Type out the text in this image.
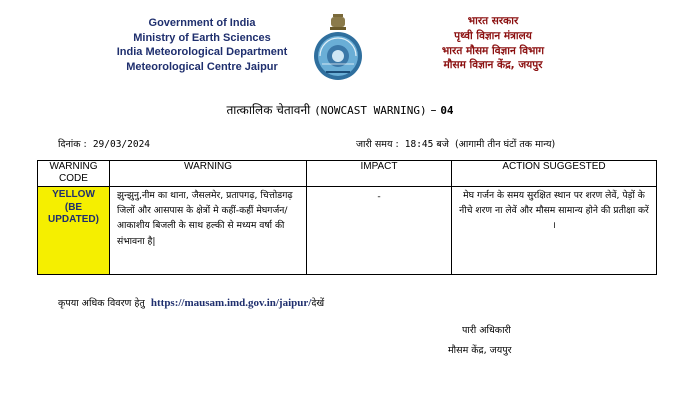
Government of India
Ministry of Earth Sciences
India Meteorological Department
Meteorological Centre Jaipur
भारत सरकार
पृथ्वी विज्ञान मंत्रालय
भारत मौसम विज्ञान विभाग
मौसम विज्ञान केंद्र, जयपुर
तात्कालिक चेतावनी (NOWCAST WARNING) – 04
दिनांक : 29/03/2024	जारी समय : 18:45 बजे (आगामी तीन घंटों तक मान्य)
WARNING CODE	WARNING	IMPACT	ACTION SUGGESTED

YELLOW
(BE
UPDATED)	झुन्झुनु,नीम का थाना, जैसलमेर, प्रतापगढ़, चित्तोडगढ़ जिलों और आसपास के क्षेत्रों मे कहीं-कहीं मेघगर्जन/ आकाशीय बिजली के साथ हल्की से मध्यम वर्षा की संभावना है|	-	मेघ गर्जन के समय सुरक्षित स्थान पर शरण लेवें, पेड़ों के नीचे शरण ना लेवें और मौसम सामान्य होने की प्रतीक्षा करें ।
कृपया अधिक विवरण हेतु https://mausam.imd.gov.in/jaipur/देखें
पारी अधिकारी
मौसम केंद्र, जयपुर
